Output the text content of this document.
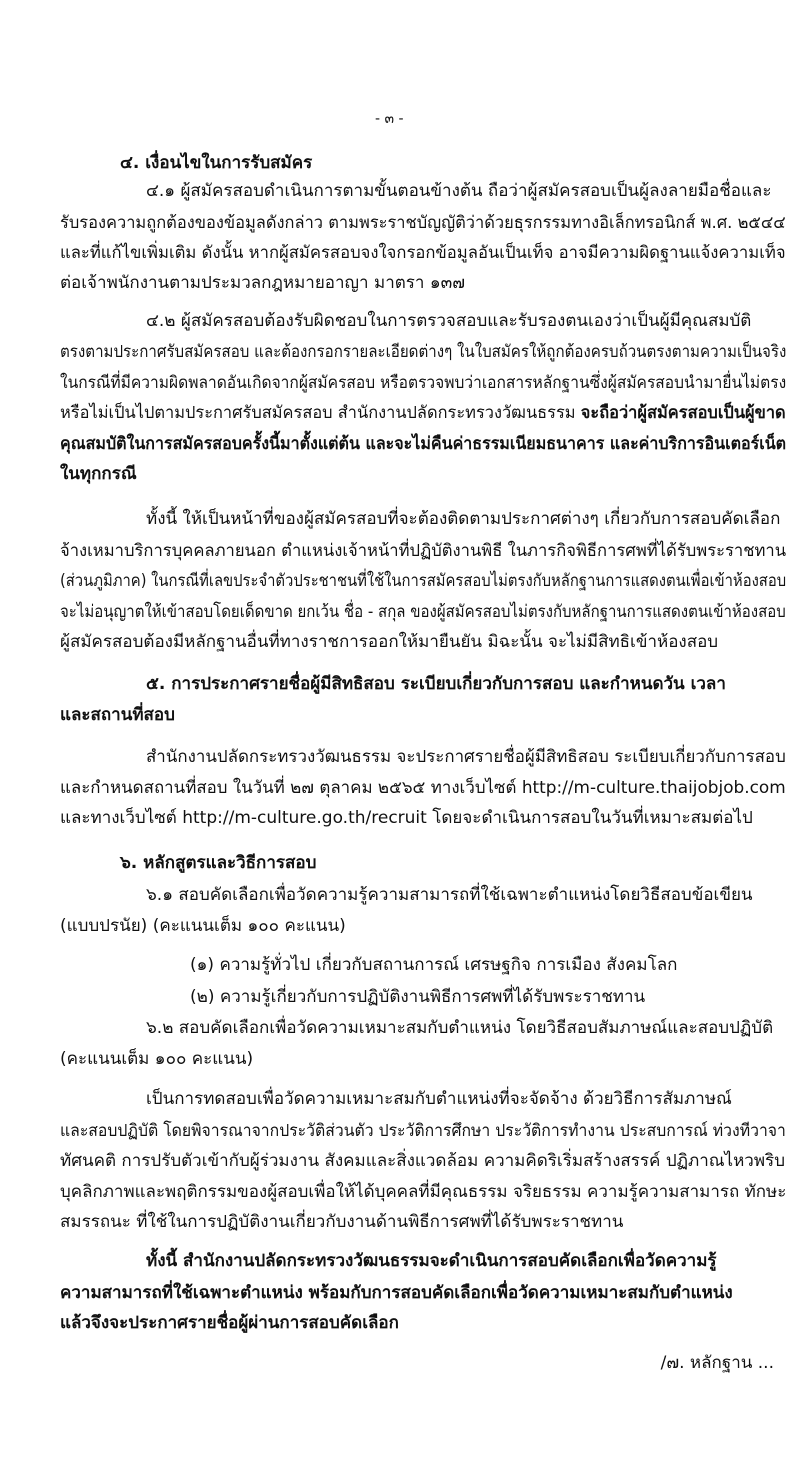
- ๓ -
๔. เงื่อนไขในการรับสมัคร
๔.๑ ผู้สมัครสอบดำเนินการตามขั้นตอนข้างต้น ถือว่าผู้สมัครสอบเป็นผู้ลงลายมือชื่อและ
รับรองความถูกต้องของข้อมูลดังกล่าว ตามพระราชบัญญัติว่าด้วยธุรกรรมทางอิเล็กทรอนิกส์ พ.ศ. ๒๕๔๔
และที่แก้ไขเพิ่มเติม ดังนั้น หากผู้สมัครสอบจงใจกรอกข้อมูลอันเป็นเท็จ อาจมีความผิดฐานแจ้งความเท็จ
ต่อเจ้าพนักงานตามประมวลกฎหมายอาญา มาตรา ๑๓๗
๔.๒ ผู้สมัครสอบต้องรับผิดชอบในการตรวจสอบและรับรองตนเองว่าเป็นผู้มีคุณสมบัติ
ตรงตามประกาศรับสมัครสอบ และต้องกรอกรายละเอียดต่างๆ ในใบสมัครให้ถูกต้องครบถ้วนตรงตามความเป็นจริง
ในกรณีที่มีความผิดพลาดอันเกิดจากผู้สมัครสอบ หรือตรวจพบว่าเอกสารหลักฐานซึ่งผู้สมัครสอบนำมายื่นไม่ตรง
หรือไม่เป็นไปตามประกาศรับสมัครสอบ สำนักงานปลัดกระทรวงวัฒนธรรม จะถือว่าผู้สมัครสอบเป็นผู้ขาด
คุณสมบัติในการสมัครสอบครั้งนี้มาตั้งแต่ต้น และจะไม่คืนค่าธรรมเนียมธนาคาร และค่าบริการอินเตอร์เน็ต
ในทุกกรณี
ทั้งนี้ ให้เป็นหน้าที่ของผู้สมัครสอบที่จะต้องติดตามประกาศต่างๆ เกี่ยวกับการสอบคัดเลือก
จ้างเหมาบริการบุคคลภายนอก ตำแหน่งเจ้าหน้าที่ปฏิบัติงานพิธี ในภารกิจพิธีการศพที่ได้รับพระราชทาน
(ส่วนภูมิภาค) ในกรณีที่เลขประจำตัวประชาชนที่ใช้ในการสมัครสอบไม่ตรงกับหลักฐานการแสดงตนเพื่อเข้าห้องสอบ
จะไม่อนุญาตให้เข้าสอบโดยเด็ดขาด ยกเว้น ชื่อ - สกุล ของผู้สมัครสอบไม่ตรงกับหลักฐานการแสดงตนเข้าห้องสอบ
ผู้สมัครสอบต้องมีหลักฐานอื่นที่ทางราชการออกให้มายืนยัน มิฉะนั้น จะไม่มีสิทธิเข้าห้องสอบ
๕. การประกาศรายชื่อผู้มีสิทธิสอบ ระเบียบเกี่ยวกับการสอบ และกำหนดวัน เวลา
และสถานที่สอบ
สำนักงานปลัดกระทรวงวัฒนธรรม จะประกาศรายชื่อผู้มีสิทธิสอบ ระเบียบเกี่ยวกับการสอบ
และกำหนดสถานที่สอบ ในวันที่ ๒๗ ตุลาคม ๒๕๖๕ ทางเว็บไซต์ http://m-culture.thaijobjob.com
และทางเว็บไซต์ http://m-culture.go.th/recruit โดยจะดำเนินการสอบในวันที่เหมาะสมต่อไป
๖. หลักสูตรและวิธีการสอบ
๖.๑ สอบคัดเลือกเพื่อวัดความรู้ความสามารถที่ใช้เฉพาะตำแหน่งโดยวิธีสอบข้อเขียน
(แบบปรนัย) (คะแนนเต็ม ๑๐๐ คะแนน)
(๑) ความรู้ทั่วไป เกี่ยวกับสถานการณ์ เศรษฐกิจ การเมือง สังคมโลก
(๒) ความรู้เกี่ยวกับการปฏิบัติงานพิธีการศพที่ได้รับพระราชทาน
๖.๒ สอบคัดเลือกเพื่อวัดความเหมาะสมกับตำแหน่ง โดยวิธีสอบสัมภาษณ์และสอบปฏิบัติ
(คะแนนเต็ม ๑๐๐ คะแนน)
เป็นการทดสอบเพื่อวัดความเหมาะสมกับตำแหน่งที่จะจัดจ้าง ด้วยวิธีการสัมภาษณ์
และสอบปฏิบัติ โดยพิจารณาจากประวัติส่วนตัว ประวัติการศึกษา ประวัติการทำงาน ประสบการณ์ ท่วงทีวาจา
ทัศนคติ การปรับตัวเข้ากับผู้ร่วมงาน สังคมและสิ่งแวดล้อม ความคิดริเริ่มสร้างสรรค์ ปฏิภาณไหวพริบ
บุคลิกภาพและพฤติกรรมของผู้สอบเพื่อให้ได้บุคคลที่มีคุณธรรม จริยธรรม ความรู้ความสามารถ ทักษะ
สมรรถนะ ที่ใช้ในการปฏิบัติงานเกี่ยวกับงานด้านพิธีการศพที่ได้รับพระราชทาน
ทั้งนี้ สำนักงานปลัดกระทรวงวัฒนธรรมจะดำเนินการสอบคัดเลือกเพื่อวัดความรู้
ความสามารถที่ใช้เฉพาะตำแหน่ง พร้อมกับการสอบคัดเลือกเพื่อวัดความเหมาะสมกับตำแหน่ง
แล้วจึงจะประกาศรายชื่อผู้ผ่านการสอบคัดเลือก
/๗. หลักฐาน ...
